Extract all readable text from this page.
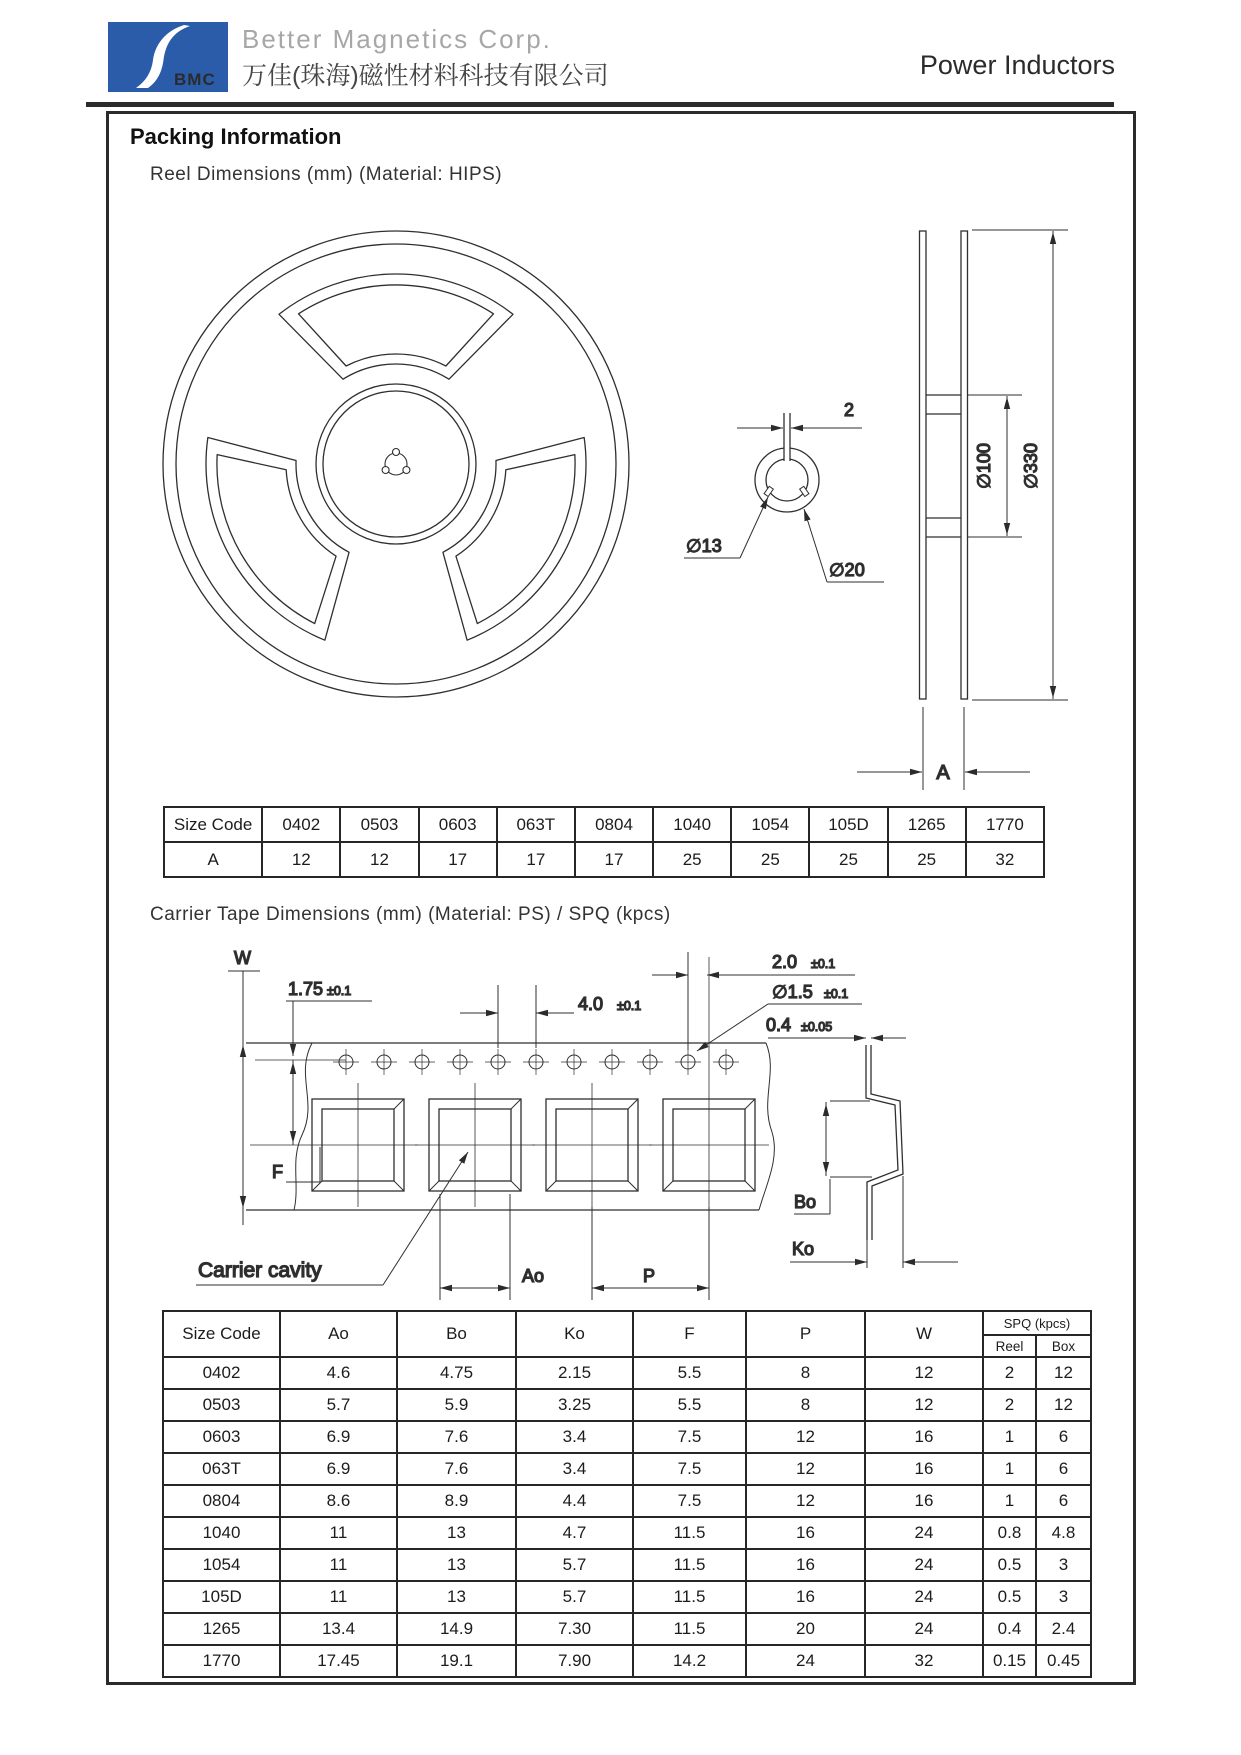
BMC
Better Magnetics Corp.
万佳(珠海)磁性材料科技有限公司	Power Inductors
Packing Information
Reel Dimensions (mm) (Material: HIPS)
2
∅13
∅20
∅100 ∅330
A
Carrier Tape Dimensions (mm) (Material: PS) / SPQ (kpcs)
W
1.75 ±0.1
4.0 ±0.1
2.0 ±0.1
∅1.5 ±0.1
0.4 ±0.05
F
Carrier cavity	Ao	P
Bo
Ko
Size Code	0402	0503	0603	063T	0804	1040	1054	105D	1265	1770
A	12	12	17	17	17	25	25	25	25	32
Size Code	Ao	Bo	Ko	F	P	W	SPQ (kpcs)	
							Reel	Box
0402	4.6	4.75	2.15	5.5	8	12	2	12
0503	5.7	5.9	3.25	5.5	8	12	2	12
0603	6.9	7.6	3.4	7.5	12	16	1	6
063T	6.9	7.6	3.4	7.5	12	16	1	6
0804	8.6	8.9	4.4	7.5	12	16	1	6
1040	11	13	4.7	11.5	16	24	0.8	4.8
1054	11	13	5.7	11.5	16	24	0.5	3
105D	11	13	5.7	11.5	16	24	0.5	3
1265	13.4	14.9	7.30	11.5	20	24	0.4	2.4
1770	17.45	19.1	7.90	14.2	24	32	0.15	0.45
